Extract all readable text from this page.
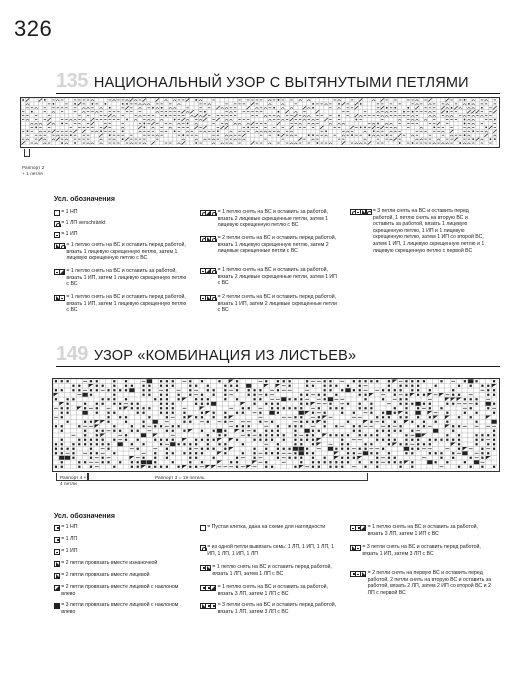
326
135 НАЦИОНАЛЬНЫЙ УЗОР С ВЫТЯНУТЫМИ ПЕТЛЯМИ
Раппорт 2
+ 1 петля
Усл. обозначения
= 1 НП
= 1 ЛП verschränkt
= 1 ИП
= 1 петлю снять на ВС и оставить перед работой, вязать 1 лицевую скрещенную петлю, затем 1 лицевую скрещенную петлю с ВС
= 1 петлю снять на ВС и оставить за работой, вязать 1 ИП, затем 1 лицевую скрещенную петлю с ВС
= 1 петлю снять на ВС и оставить перед работой, вязать 1 ИП, затем 1 лицевую скрещенную петлю с ВС
= 1 петлю снять на ВС и оставить за работой, вязать 2 лицевые скрещенные петли, затем 1 лицевую скрещенную петлю с ВС
= 2 петли снять на ВС и оставить перед работой, вязать 1 лицевую скрещенную петлю, затем 2 лицевые скрещенные петли с ВС
= 1 петлю снять на ВС и оставить за работой, вязать 2 лицевые скрещенные петли, затем 1 ИП с ВС
= 2 петли снять на ВС и оставить перед работой, вязать 1 ИП, затем 2 лицевые скрещенные петли с ВС
= 3 петли снять на ВС и оставить перед работой, 1 петлю снять на вторую ВС и оставить за работой, вязать 1 лицевую скрещенную петлю, 1 ИП и 1 лицевую скрещенную петлю, затем 1 ИП со второй ВС, затем 1 ИП, 1 лицевую скрещенную петлю и 1 лицевую скрещенную петлю с первой ВС
149 УЗОР «КОМБИНАЦИЯ ИЗ ЛИСТЬЕВ»
Раппорт 4 +
4 петли
Раппорт 3 = 19 петель
Усл. обозначения
= 1 НП
= 1 ЛП
= 1 ИП
= 2 петли провязать вместе изнаночной
= 2 петли провязать вместе лицевой
= 2 петли провязать вместе лицевой с наклоном влево
= 3 петли провязать вместе лицевой с наклоном влево
= Пустая клетка, дана на схеме для наглядности
= из одной петли вывязать семь: 1 ЛП, 1 ИП, 1 ЛП, 1 ИП, 1 ЛП, 1 ИП, 1 ЛП
= 1 петлю снять на ВС и оставить перед работой, вязать 1 ЛП, затем 1 ЛП с ВС
= 1 петлю снять на ВС и оставить за работой, вязать 3 ЛП, затем 1 ЛП с ВС
= 3 петли снять на ВС и оставить перед работой, вязать 1 ЛП, затем 3 ЛП с ВС
= 1 петлю снять на ВС и оставить за работой, вязать 3 ЛП, затем 1 ИП с ВС
= 3 петли снять на ВС и оставить перед работой, вязать 1 ИП, затем 3 ЛП с ВС
= 2 петли снять на первую ВС и оставить перед работой, 2 петли снять на вторую ВС и оставить за работой, вязать 2 ЛП, затем 2 ИП со второй ВС и 2 ЛП с первой ВС
